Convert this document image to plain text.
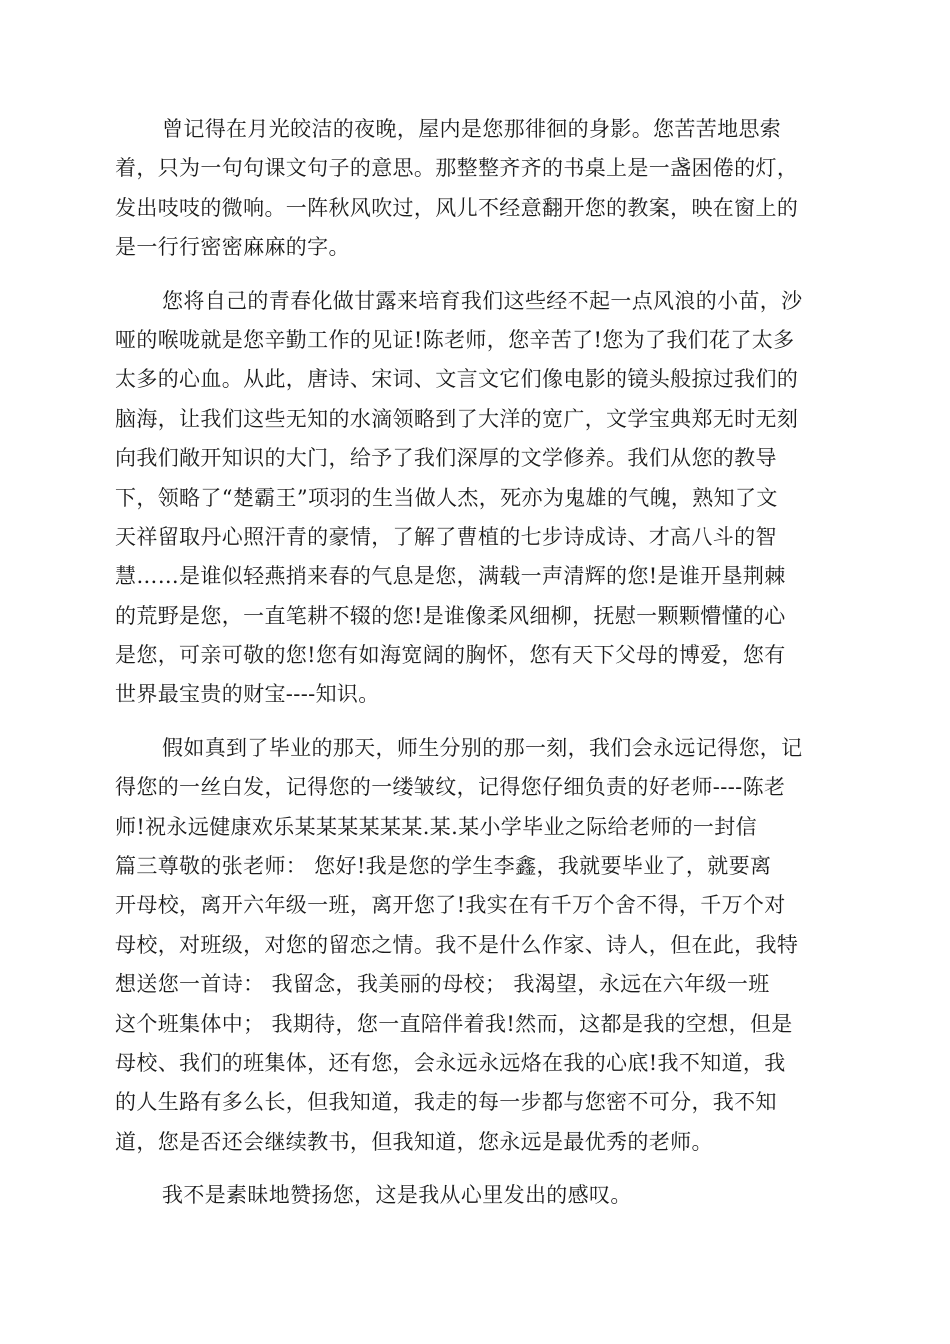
曾记得在月光皎洁的夜晚，屋内是您那徘徊的身影。您苦苦地思索
着，只为一句句课文句子的意思。那整整齐齐的书桌上是一盏困倦的灯，
发出吱吱的微响。一阵秋风吹过，风儿不经意翻开您的教案，映在窗上的
是一行行密密麻麻的字。
您将自己的青春化做甘露来培育我们这些经不起一点风浪的小苗，沙
哑的喉咙就是您辛勤工作的见证!陈老师，您辛苦了!您为了我们花了太多
太多的心血。从此，唐诗、宋词、文言文它们像电影的镜头般掠过我们的
脑海，让我们这些无知的水滴领略到了大洋的宽广，文学宝典郑无时无刻
向我们敞开知识的大门，给予了我们深厚的文学修养。我们从您的教导
下，领略了“楚霸王”项羽的生当做人杰，死亦为鬼雄的气魄，熟知了文
天祥留取丹心照汗青的豪情，了解了曹植的七步诗成诗、才高八斗的智
慧……是谁似轻燕捎来春的气息是您，满载一声清辉的您!是谁开垦荆棘
的荒野是您，一直笔耕不辍的您!是谁像柔风细柳，抚慰一颗颗懵懂的心
是您，可亲可敬的您!您有如海宽阔的胸怀，您有天下父母的博爱，您有
世界最宝贵的财宝----知识。
假如真到了毕业的那天，师生分别的那一刻，我们会永远记得您，记
得您的一丝白发，记得您的一缕皱纹，记得您仔细负责的好老师----陈老
师!祝永远健康欢乐某某某某某某.某.某小学毕业之际给老师的一封信
篇三尊敬的张老师： 您好!我是您的学生李鑫，我就要毕业了，就要离
开母校，离开六年级一班，离开您了!我实在有千万个舍不得，千万个对
母校，对班级，对您的留恋之情。我不是什么作家、诗人，但在此，我特
想送您一首诗： 我留念，我美丽的母校； 我渴望，永远在六年级一班
这个班集体中； 我期待，您一直陪伴着我!然而，这都是我的空想，但是
母校、我们的班集体，还有您，会永远永远烙在我的心底!我不知道，我
的人生路有多么长，但我知道，我走的每一步都与您密不可分，我不知
道，您是否还会继续教书，但我知道，您永远是最优秀的老师。
我不是素昧地赞扬您，这是我从心里发出的感叹。
